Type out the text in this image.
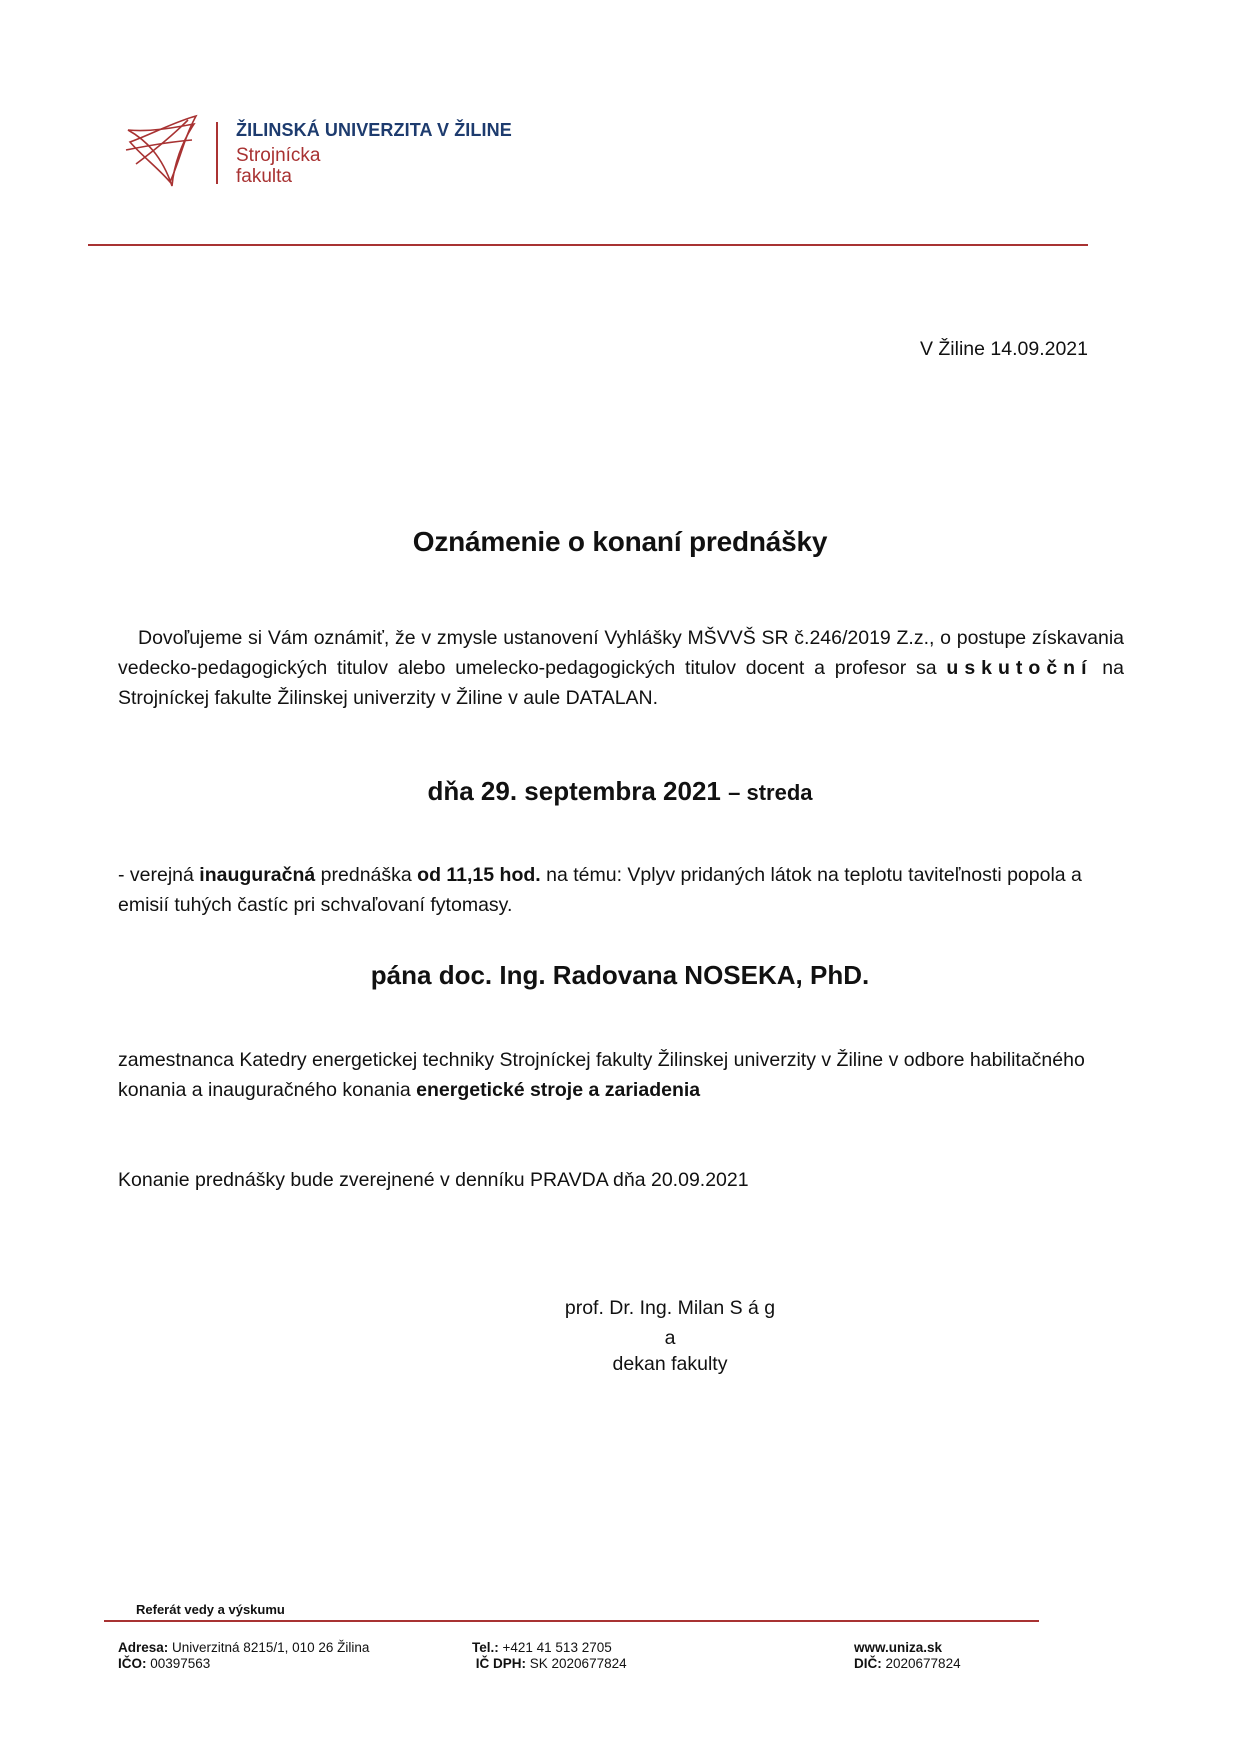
ŽILINSKÁ UNIVERZITA V ŽILINE
Strojnícka
fakulta
V Žiline 14.09.2021
Oznámenie o konaní prednášky
Dovoľujeme si Vám oznámiť, že v zmysle ustanovení Vyhlášky MŠVVŠ SR č.246/2019 Z.z., o postupe získavania vedecko-pedagogických titulov alebo umelecko-pedagogických titulov docent a profesor sa uskutoční na Strojníckej fakulte Žilinskej univerzity v Žiline v aule DATALAN.
dňa 29. septembra 2021 – streda
- verejná inauguračná prednáška od 11,15 hod. na tému: Vplyv pridaných látok na teplotu taviteľnosti popola a emisií tuhých častíc pri schvaľovaní fytomasy.
pána doc. Ing. Radovana NOSEKA, PhD.
zamestnanca Katedry energetickej techniky Strojníckej fakulty Žilinskej univerzity v Žiline v odbore habilitačného konania a inauguračného konania energetické stroje a zariadenia
Konanie prednášky bude zverejnené v denníku PRAVDA dňa 20.09.2021
prof. Dr. Ing. Milan S á g a
dekan fakulty
Referát vedy a výskumu
Adresa: Univerzitná 8215/1, 010 26 Žilina
IČO: 00397563
Tel.: +421 41 513 2705
IČ DPH: SK 2020677824
www.uniza.sk
DIČ: 2020677824
